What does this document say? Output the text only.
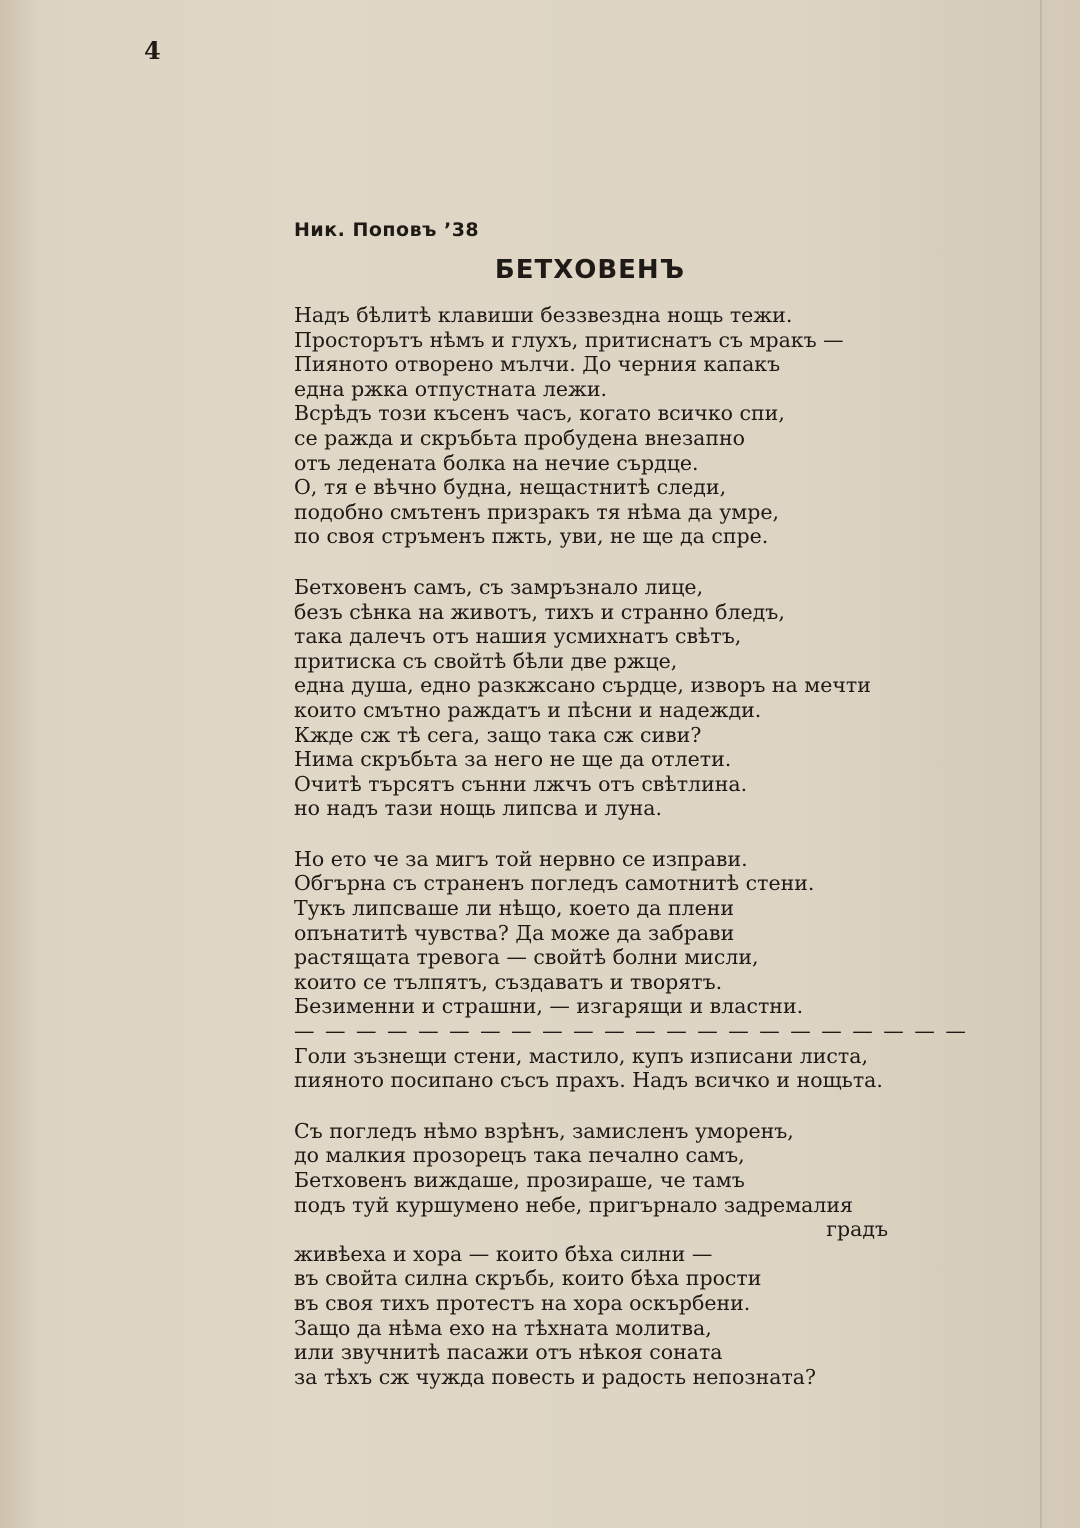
4
Ник. Поповъ ’38
БЕТХОВЕНЪ
Надъ бѣлитѣ клавиши беззвездна нощь тежи.
Просторътъ нѣмъ и глухъ, притиснатъ съ мракъ —
Пияното отворено мълчи. До черния капакъ
една ржка отпустната лежи.
Всрѣдъ този късенъ часъ, когато всичко спи,
се ражда и скръбьта пробудена внезапно
отъ ледената болка на нечие сърдце.
О, тя е вѣчно будна, нещастнитѣ следи,
подобно смътенъ призракъ тя нѣма да умре,
по своя стръменъ пжть, уви, не ще да спре.
Бетховенъ самъ, съ замръзнало лице,
безъ сѣнка на животъ, тихъ и странно бледъ,
така далечъ отъ нашия усмихнатъ свѣтъ,
притиска съ свойтѣ бѣли две ржце,
една душа, едно разкжсано сърдце, изворъ на мечти
които смътно раждатъ и пѣсни и надежди.
Кжде сж тѣ сега, защо така сж сиви?
Нима скръбьта за него не ще да отлети.
Очитѣ търсятъ сънни лжчъ отъ свѣтлина.
но надъ тази нощь липсва и луна.
Но ето че за мигъ той нервно се изправи.
Обгърна съ страненъ погледъ самотнитѣ стени.
Тукъ липсваше ли нѣщо, което да плени
опънатитѣ чувства? Да може да забрави
растящата тревога — свойтѣ болни мисли,
които се тълпятъ, създаватъ и творятъ.
Безименни и страшни, — изгарящи и властни.
— — — — — — — — — — — — — — — — — — — — — —
Голи зъзнещи стени, мастило, купъ изписани листа,
пияното посипано съсъ прахъ. Надъ всичко и нощьта.
Съ погледъ нѣмо взрѣнъ, замисленъ уморенъ,
до малкия прозорецъ така печално самъ,
Бетховенъ виждаше, прозираше, че тамъ
подъ туй куршумено небе, пригърнало задремалия
градъ
живѣеха и хора — които бѣха силни —
въ свойта силна скръбь, които бѣха прости
въ своя тихъ протестъ на хора оскърбени.
Защо да нѣма ехо на тѣхната молитва,
или звучнитѣ пасажи отъ нѣкоя соната
за тѣхъ сж чужда повесть и радость непозната?
